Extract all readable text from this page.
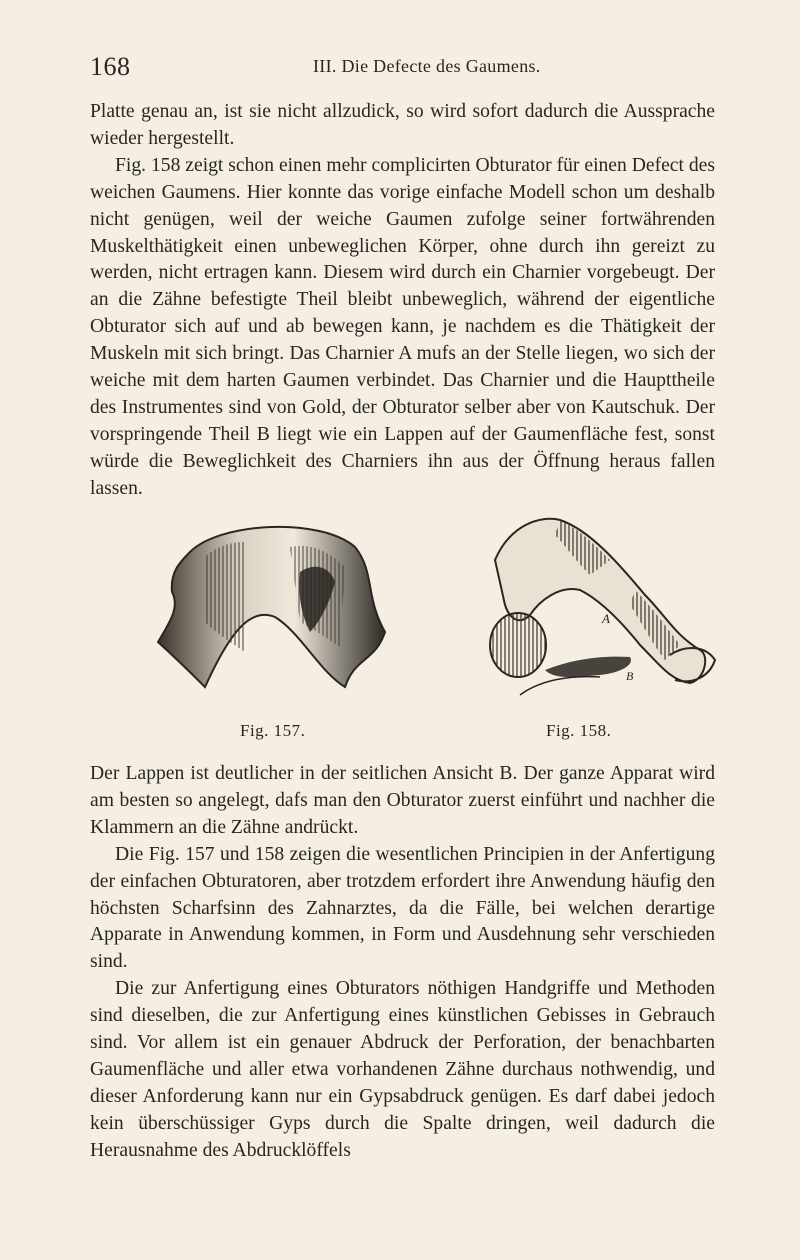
168	III. Die Defecte des Gaumens.

Platte genau an, ist sie nicht allzudick, so wird sofort dadurch die Aussprache wieder hergestellt.

Fig. 158 zeigt schon einen mehr complicirten Obturator für einen Defect des weichen Gaumens. Hier konnte das vorige einfache Modell schon um deshalb nicht genügen, weil der weiche Gaumen zufolge seiner fortwährenden Muskelthätigkeit einen unbeweglichen Körper, ohne durch ihn gereizt zu werden, nicht ertragen kann. Diesem wird durch ein Charnier vorgebeugt. Der an die Zähne befestigte Theil bleibt unbeweglich, während der eigentliche Obturator sich auf und ab bewegen kann, je nachdem es die Thätigkeit der Muskeln mit sich bringt. Das Charnier A mufs an der Stelle liegen, wo sich der weiche mit dem harten Gaumen verbindet. Das Charnier und die Haupttheile des Instrumentes sind von Gold, der Obturator selber aber von Kautschuk. Der vorspringende Theil B liegt wie ein Lappen auf der Gaumenfläche fest, sonst würde die Beweglichkeit des Charniers ihn aus der Öffnung heraus fallen lassen.

A
B
Fig. 157.	Fig. 158.

Der Lappen ist deutlicher in der seitlichen Ansicht B. Der ganze Apparat wird am besten so angelegt, dafs man den Obturator zuerst einführt und nachher die Klammern an die Zähne andrückt.

Die Fig. 157 und 158 zeigen die wesentlichen Principien in der Anfertigung der einfachen Obturatoren, aber trotzdem erfordert ihre Anwendung häufig den höchsten Scharfsinn des Zahnarztes, da die Fälle, bei welchen derartige Apparate in Anwendung kommen, in Form und Ausdehnung sehr verschieden sind.

Die zur Anfertigung eines Obturators nöthigen Handgriffe und Methoden sind dieselben, die zur Anfertigung eines künstlichen Gebisses in Gebrauch sind. Vor allem ist ein genauer Abdruck der Perforation, der benachbarten Gaumenfläche und aller etwa vorhandenen Zähne durchaus nothwendig, und dieser Anforderung kann nur ein Gypsabdruck genügen. Es darf dabei jedoch kein überschüssiger Gyps durch die Spalte dringen, weil dadurch die Herausnahme des Abdrucklöffels
